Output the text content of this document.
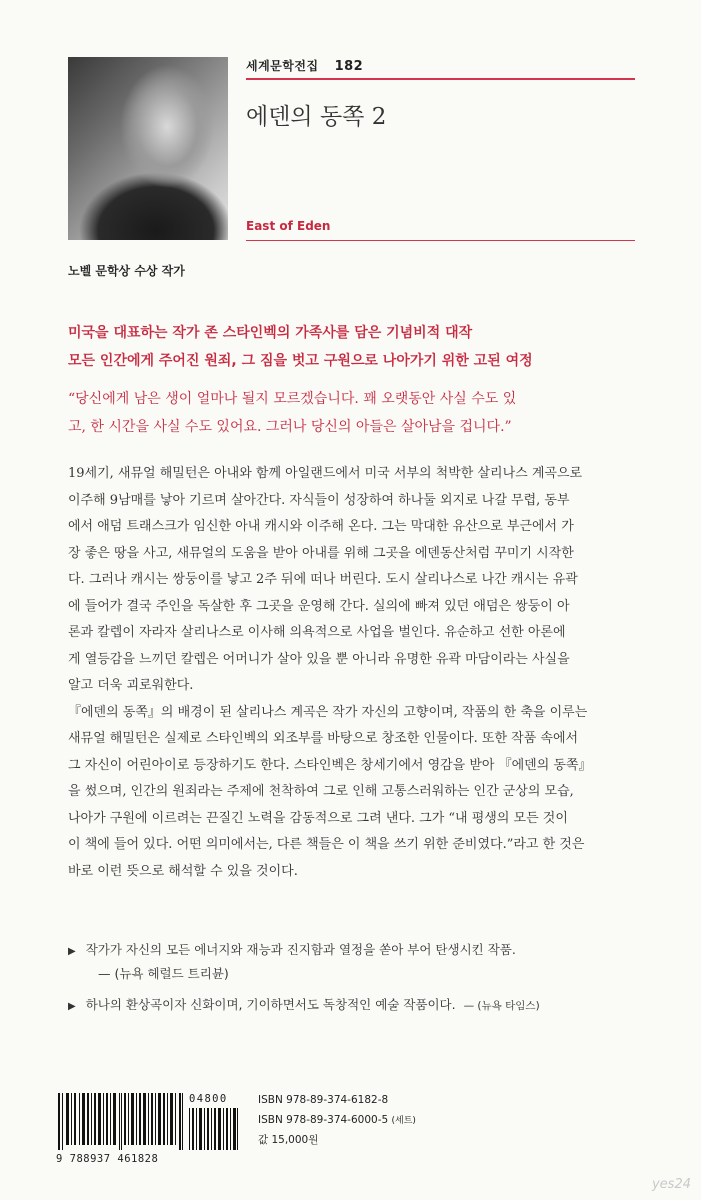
세계문학전집 182
에덴의 동쪽 2
East of Eden
노벨 문학상 수상 작가
미국을 대표하는 작가 존 스타인벡의 가족사를 담은 기념비적 대작
모든 인간에게 주어진 원죄, 그 짐을 벗고 구원으로 나아가기 위한 고된 여정

“당신에게 남은 생이 얼마나 될지 모르겠습니다. 꽤 오랫동안 사실 수도 있

고, 한 시간을 사실 수도 있어요. 그러나 당신의 아들은 살아남을 겁니다.”

19세기, 새뮤얼 해밀턴은 아내와 함께 아일랜드에서 미국 서부의 척박한 살리나스 계곡으로

이주해 9남매를 낳아 기르며 살아간다. 자식들이 성장하여 하나둘 외지로 나갈 무렵, 동부

에서 애덤 트래스크가 임신한 아내 캐시와 이주해 온다. 그는 막대한 유산으로 부근에서 가

장 좋은 땅을 사고, 새뮤얼의 도움을 받아 아내를 위해 그곳을 에덴동산처럼 꾸미기 시작한

다. 그러나 캐시는 쌍둥이를 낳고 2주 뒤에 떠나 버린다. 도시 살리나스로 나간 캐시는 유곽

에 들어가 결국 주인을 독살한 후 그곳을 운영해 간다. 실의에 빠져 있던 애덤은 쌍둥이 아

론과 칼렙이 자라자 살리나스로 이사해 의욕적으로 사업을 벌인다. 유순하고 선한 아론에

게 열등감을 느끼던 칼렙은 어머니가 살아 있을 뿐 아니라 유명한 유곽 마담이라는 사실을

알고 더욱 괴로워한다.

『에덴의 동쪽』의 배경이 된 살리나스 계곡은 작가 자신의 고향이며, 작품의 한 축을 이루는

새뮤얼 해밀턴은 실제로 스타인벡의 외조부를 바탕으로 창조한 인물이다. 또한 작품 속에서

그 자신이 어린아이로 등장하기도 한다. 스타인벡은 창세기에서 영감을 받아 『에덴의 동쪽』

을 썼으며, 인간의 원죄라는 주제에 천착하여 그로 인해 고통스러워하는 인간 군상의 모습,

나아가 구원에 이르려는 끈질긴 노력을 감동적으로 그려 낸다. 그가 “내 평생의 모든 것이

이 책에 들어 있다. 어떤 의미에서는, 다른 책들은 이 책을 쓰기 위한 준비였다.”라고 한 것은

바로 이런 뜻으로 해석할 수 있을 것이다.

▶ 작가가 자신의 모든 에너지와 재능과 진지함과 열정을 쏟아 부어 탄생시킨 작품.
— (뉴욕 헤럴드 트리뷴)
▶ 하나의 환상곡이자 신화이며, 기이하면서도 독창적인 예술 작품이다. — (뉴욕 타임스)
9 788937 461828
04800	ISBN 978-89-374-6182-8
ISBN 978-89-374-6000-5 (세트)
값 15,000원
yes24
